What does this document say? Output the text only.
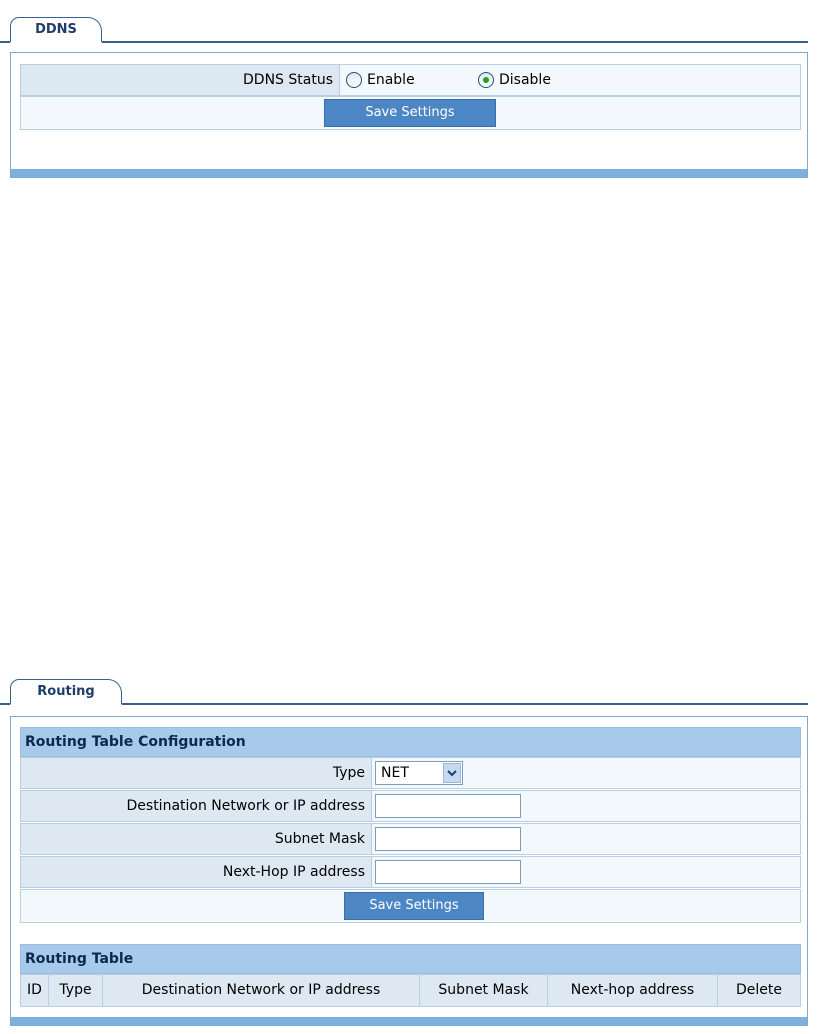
DDNS
DDNS Status	Enable	Disable
Save Settings
Routing
Routing Table Configuration
Type	NET
Destination Network or IP address
Subnet Mask
Next-Hop IP address
Save Settings
Routing Table
ID	Type	Destination Network or IP address	Subnet Mask	Next-hop address	Delete
